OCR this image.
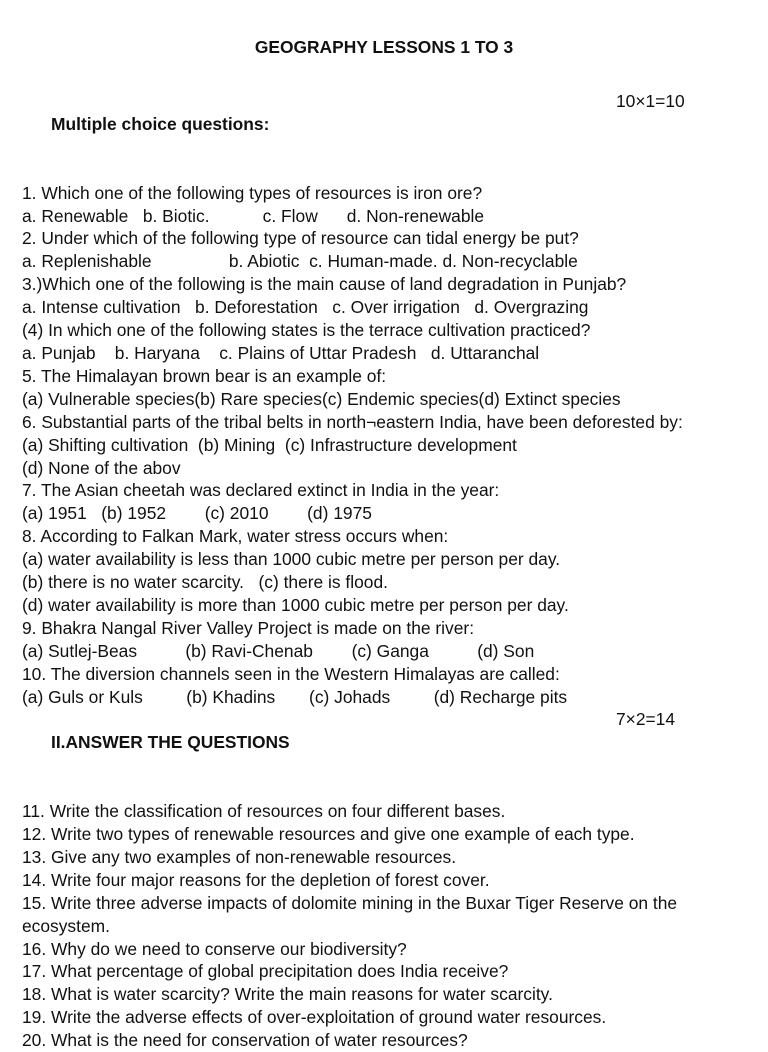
GEOGRAPHY LESSONS 1 TO 3

Multiple choice questions:

10×1=10

1. Which one of the following types of resources is iron ore?
a. Renewable   b. Biotic.           c. Flow      d. Non-renewable
2. Under which of the following type of resource can tidal energy be put?
a. Replenishable                b. Abiotic  c. Human-made. d. Non-recyclable
3.)Which one of the following is the main cause of land degradation in Punjab?
a. Intense cultivation   b. Deforestation   c. Over irrigation   d. Overgrazing
(4) In which one of the following states is the terrace cultivation practiced?
a. Punjab    b. Haryana    c. Plains of Uttar Pradesh   d. Uttaranchal
5. The Himalayan brown bear is an example of:
(a) Vulnerable species(b) Rare species(c) Endemic species(d) Extinct species
6. Substantial parts of the tribal belts in north¬eastern India, have been deforested by:
(a) Shifting cultivation  (b) Mining  (c) Infrastructure development
(d) None of the abov
7. The Asian cheetah was declared extinct in India in the year:
(a) 1951   (b) 1952        (c) 2010        (d) 1975
8. According to Falkan Mark, water stress occurs when:
(a) water availability is less than 1000 cubic metre per person per day.
(b) there is no water scarcity.   (c) there is flood.
(d) water availability is more than 1000 cubic metre per person per day.
9. Bhakra Nangal River Valley Project is made on the river:
(a) Sutlej-Beas          (b) Ravi-Chenab        (c) Ganga          (d) Son
10. The diversion channels seen in the Western Himalayas are called:
(a) Guls or Kuls         (b) Khadins       (c) Johads         (d) Recharge pits

II.ANSWER THE QUESTIONS

7×2=14

11. Write the classification of resources on four different bases.
12. Write two types of renewable resources and give one example of each type.
13. Give any two examples of non-renewable resources.
14. Write four major reasons for the depletion of forest cover.
15. Write three adverse impacts of dolomite mining in the Buxar Tiger Reserve on the ecosystem.
16. Why do we need to conserve our biodiversity?
17. What percentage of global precipitation does India receive?
18. What is water scarcity? Write the main reasons for water scarcity.
19. Write the adverse effects of over-exploitation of ground water resources.
20. What is the need for conservation of water resources?
